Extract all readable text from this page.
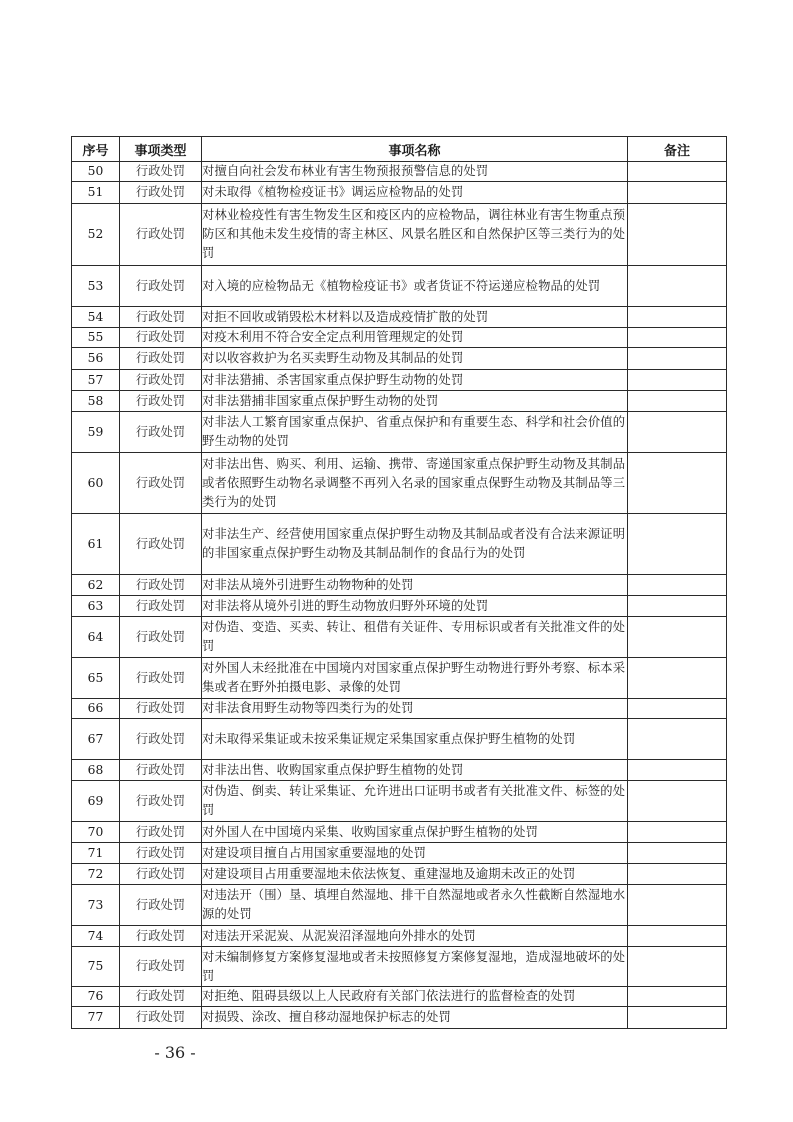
序号	事项类型	事项名称	备注
50	行政处罚	对擅自向社会发布林业有害生物预报预警信息的处罚	
51	行政处罚	对未取得《植物检疫证书》调运应检物品的处罚	
52	行政处罚	对林业检疫性有害生物发生区和疫区内的应检物品，调往林业有害生物重点预防区和其他未发生疫情的寄主林区、风景名胜区和自然保护区等三类行为的处罚	
53	行政处罚	对入境的应检物品无《植物检疫证书》或者货证不符运递应检物品的处罚	
54	行政处罚	对拒不回收或销毁松木材料以及造成疫情扩散的处罚	
55	行政处罚	对疫木利用不符合安全定点利用管理规定的处罚	
56	行政处罚	对以收容救护为名买卖野生动物及其制品的处罚	
57	行政处罚	对非法猎捕、杀害国家重点保护野生动物的处罚	
58	行政处罚	对非法猎捕非国家重点保护野生动物的处罚	
59	行政处罚	对非法人工繁育国家重点保护、省重点保护和有重要生态、科学和社会价值的野生动物的处罚	
60	行政处罚	对非法出售、购买、利用、运输、携带、寄递国家重点保护野生动物及其制品或者依照野生动物名录调整不再列入名录的国家重点保野生动物及其制品等三类行为的处罚	
61	行政处罚	对非法生产、经营使用国家重点保护野生动物及其制品或者没有合法来源证明的非国家重点保护野生动物及其制品制作的食品行为的处罚	
62	行政处罚	对非法从境外引进野生动物物种的处罚	
63	行政处罚	对非法将从境外引进的野生动物放归野外环境的处罚	
64	行政处罚	对伪造、变造、买卖、转让、租借有关证件、专用标识或者有关批准文件的处罚	
65	行政处罚	对外国人未经批准在中国境内对国家重点保护野生动物进行野外考察、标本采集或者在野外拍摄电影、录像的处罚	
66	行政处罚	对非法食用野生动物等四类行为的处罚	
67	行政处罚	对未取得采集证或未按采集证规定采集国家重点保护野生植物的处罚	
68	行政处罚	对非法出售、收购国家重点保护野生植物的处罚	
69	行政处罚	对伪造、倒卖、转让采集证、允许进出口证明书或者有关批准文件、标签的处罚	
70	行政处罚	对外国人在中国境内采集、收购国家重点保护野生植物的处罚	
71	行政处罚	对建设项目擅自占用国家重要湿地的处罚	
72	行政处罚	对建设项目占用重要湿地未依法恢复、重建湿地及逾期未改正的处罚	
73	行政处罚	对违法开（围）垦、填埋自然湿地、排干自然湿地或者永久性截断自然湿地水源的处罚	
74	行政处罚	对违法开采泥炭、从泥炭沼泽湿地向外排水的处罚	
75	行政处罚	对未编制修复方案修复湿地或者未按照修复方案修复湿地，造成湿地破坏的处罚	
76	行政处罚	对拒绝、阻碍县级以上人民政府有关部门依法进行的监督检查的处罚	
77	行政处罚	对损毁、涂改、擅自移动湿地保护标志的处罚	
- 36 -
